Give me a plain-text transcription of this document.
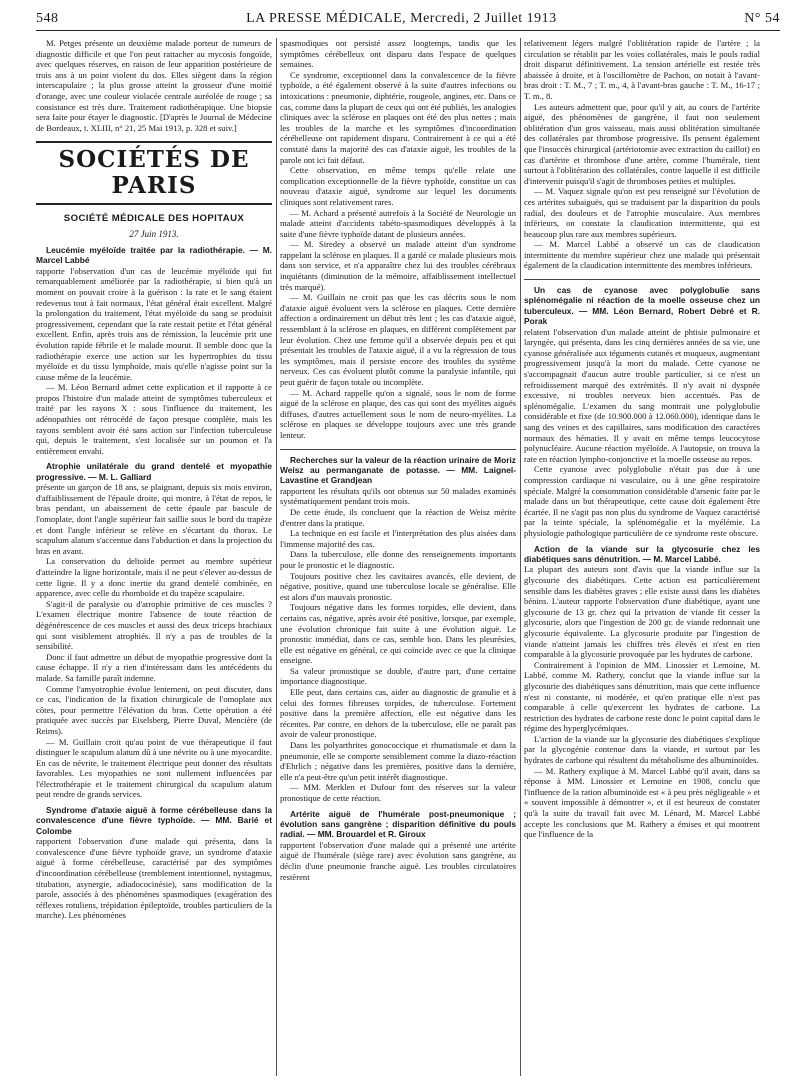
548	LA PRESSE MÉDICALE, Mercredi, 2 Juillet 1913	N° 54

M. Petges présente un deuxième malade porteur de tumeurs de diagnostic difficile et que l'on peut rattacher au mycosis fongoïde, avec quelques réserves, en raison de leur apparition postérieure de trois ans à un point violent du dos. Elles siègent dans la région interscapulaire ; la plus grosse atteint la grosseur d'une moitié d'orange, avec une couleur violacée centrale auréolée de rouge ; sa consistance est très dure. Traitement radiothérapique. Une biopsie sera faite pour étayer le diagnostic. [D'après le Journal de Médecine de Bordeaux, t. XLIII, n° 21, 25 Mai 1913, p. 328 et suiv.]

SOCIÉTÉS DE PARIS
SOCIÉTÉ MÉDICALE DES HOPITAUX
27 Juin 1913.
Leucémie myéloïde traitée par la radiothérapie. — M. Marcel Labbé

rapporte l'observation d'un cas de leucémie myéloïde qui fut remarquablement améliorée par la radiothérapie, si bien qu'à un moment on pouvait croire à la guérison : la rate et le sang étaient redevenus tout à fait normaux, l'état général était excellent. Malgré la prolongation du traitement, l'état myéloïde du sang se produisit progressivement, cependant que la rate restait petite et l'état général excellent. Enfin, après trois ans de rémission, la leucémie prit une évolution rapide fébrile et le malade mourut. Il semble donc que la radiothérapie exerce une action sur les hypertrophies du tissu myéloïde et du tissu lymphoïde, mais qu'elle n'agisse point sur la cause même de la leucémie.

— M. Léon Bernard admet cette explication et il rapporte à ce propos l'histoire d'un malade atteint de symptômes tuberculeux et traité par les rayons X : sous l'influence du traitement, les adénopathies ont rétrocédé de façon presque complète, mais les rayons semblent avoir été sans action sur l'infection tuberculeuse qui, depuis le traitement, s'est localisée sur un poumon et l'a entièrement envahi.

Atrophie unilatérale du grand dentelé et myopathie progressive. — M. L. Galliard

présente un garçon de 18 ans, se plaignant, depuis six mois environ, d'affaiblissement de l'épaule droite, qui montre, à l'état de repos, le bras pendant, un abaissement de cette épaule par bascule de l'omoplate, dont l'angle supérieur fait saillie sous le bord du trapèze et dont l'angle inférieur se relève en s'écartant du thorax. Le scapulum alatum s'accentue dans l'abduction et dans la projection du bras en avant.

La conservation du deltoïde permet au membre supérieur d'atteindre la ligne horizontale, mais il ne peut s'élever au-dessus de cette ligne. Il y a donc inertie du grand dentelé combinée, en apparence, avec celle du rhomboïde et du trapèze scapulaire.

S'agit-il de paralysie ou d'atrophie primitive de ces muscles ? L'examen électrique montre l'absence de toute réaction de dégénérescence de ces muscles et aussi des deux triceps brachiaux qui sont visiblement atrophiés. Il n'y a pas de troubles de la sensibilité.

Donc il faut admettre un début de myopathie progressive dont la cause échappe. Il n'y a rien d'intéressant dans les antécédents du malade. Sa famille paraît indemne.

Comme l'amyotrophie évolue lentement, on peut discuter, dans ce cas, l'indication de la fixation chirurgicale de l'omoplate aux côtes, pour permettre l'élévation du bras. Cette opération a été pratiquée avec succès par Eiselsberg, Pierre Duval, Mencière (de Reims).

— M. Guillain croit qu'au point de vue thérapeutique il faut distinguer le scapulum alatum dû à une névrite ou à une myocardite. En cas de névrite, le traitement électrique peut donner des résultats favorables. Les myopathies ne sont nullement influencées par l'électrothérapie et le traitement chirurgical du scapulum alatum peut rendre de grands services.

Syndrome d'ataxie aiguë à forme cérébelleuse dans la convalescence d'une fièvre typhoïde. — MM. Barié et Colombe

rapportent l'observation d'une malade qui présenta, dans la convalescence d'une fièvre typhoïde grave, un syndrome d'ataxie aiguë à forme cérébelleuse, caractérisé par des symptômes d'incoordination cérébelleuse (tremblement intentionnel, nystagmus, titubation, asynergie, adiadococinésie), sans modification de la parole, associés à des phénomènes spasmodiques (exagération des réflexes rotuliens, trépidation épileptoïde, troubles particuliers de la marche). Les phénomènes

spasmodiques ont persisté assez longtemps, tandis que les symptômes cérébelleux ont disparu dans l'espace de quelques semaines.

Ce syndrome, exceptionnel dans la convalescence de la fièvre typhoïde, a été également observé à la suite d'autres infections ou intoxications : pneumonie, diphtérie, rougeole, angines, etc. Dans ce cas, comme dans la plupart de ceux qui ont été publiés, les analogies cliniques avec la sclérose en plaques ont été des plus nettes ; mais les troubles de la marche et les symptômes d'incoordination cérébelleuse ont rapidement disparu. Contrairement à ce qui a été constaté dans la majorité des cas d'ataxie aiguë, les troubles de la parole ont ici fait défaut.

Cette observation, en même temps qu'elle relate une complication exceptionnelle de la fièvre typhoïde, constitue un cas nouveau d'ataxie aiguë, syndrome sur lequel les documents cliniques sont relativement rares.

— M. Achard a présenté autrefois à la Société de Neurologie un malade atteint d'accidents tabéto-spasmodiques développés à la suite d'une fièvre typhoïde datant de plusieurs années.

— M. Siredey a observé un malade atteint d'un syndrome rappelant la sclérose en plaques. Il a gardé ce malade plusieurs mois dans son service, et n'a apparaître chez lui des troubles cérébraux inquiétants (diminution de la mémoire, affaiblissement intellectuel très marqué).

— M. Guillain ne croit pas que les cas décrits sous le nom d'ataxie aiguë évoluent vers la sclérose en plaques. Cette dernière affection a ordinairement un début très lent ; les cas d'ataxie aiguë, ressemblant à la sclérose en plaques, en diffèrent complètement par leur évolution. Chez une femme qu'il a observée depuis peu et qui présentait les troubles de l'ataxie aiguë, il a vu la régression de tous les symptômes, mais il persiste encore des troubles du système nerveux. Ces cas évoluent plutôt comme la paralysie infantile, qui peut guérir de façon totale ou incomplète.

— M. Achard rappelle qu'on a signalé, sous le nom de forme aiguë de la sclérose en plaque, des cas qui sont des myélites aiguës diffuses, d'autres actuellement sous le nom de neuro-myélites. La sclérose en plaques se développe toujours avec une très grande lenteur.

Recherches sur la valeur de la réaction urinaire de Moriz Weisz au permanganate de potasse. — MM. Laignel-Lavastine et Grandjean

rapportent les résultats qu'ils ont obtenus sur 50 malades examinés systématiquement pendant trois mois.

De cette étude, ils concluent que la réaction de Weisz mérite d'entrer dans la pratique.

La technique en est facile et l'interprétation des plus aisées dans l'immense majorité des cas.

Dans la tuberculose, elle donne des renseignements importants pour le pronostic et le diagnostic.

Toujours positive chez les cavitaires avancés, elle devient, de négative, positive, quand une tuberculose locale se généralise. Elle est alors d'un mauvais pronostic.

Toujours négative dans les formes torpides, elle devient, dans certains cas, négative, après avoir été positive, lorsque, par exemple, une évolution chronique fait suite à une évolution aiguë. Le pronostic immédiat, dans ce cas, semble bon. Dans les pleurésies, elle est négative en général, ce qui coïncide avec ce que la clinique enseigne.

Sa valeur pronostique se double, d'autre part, d'une certaine importance diagnostique.

Elle peut, dans certains cas, aider au diagnostic de granulie et à celui des formes fibreuses torpides, de tuberculose. Fortement positive dans la première affection, elle est négative dans les récentes. Par contre, en dehors de la tuberculose, elle ne paraît pas avoir de valeur pronostique.

Dans les polyarthrites gonococcique et rhumatismale et dans la pneumonie, elle se comporte sensiblement comme la diazo-réaction d'Ehrlich ; négative dans les premières, positive dans la dernière, elle n'a peut-être qu'un petit intérêt diagnostique.

— MM. Merklen et Dufour font des réserves sur la valeur pronostique de cette réaction.

Artérite aiguë de l'humérale post-pneumonique ; évolution sans gangrène ; disparition définitive du pouls radial. — MM. Brouardel et R. Giroux

rapportent l'observation d'une malade qui a présenté une artérite aiguë de l'humérale (siège rare) avec évolution sans gangrène, au déclin d'une pneumonie franche aiguë. Les troubles circulatoires restèrent

relativement légers malgré l'oblitération rapide de l'artère ; la circulation se rétablit par les voies collatérales, mais le pouls radial droit disparut définitivement. La tension artérielle est restée très abaissée à droite, et à l'oscillomètre de Pachon, on notait à l'avant-bras droit : T. M., 7 ; T. m., 4, à l'avant-bras gauche : T. M., 16-17 ; T. m., 8.

Les auteurs admettent que, pour qu'il y ait, au cours de l'artérite aiguë, des phénomènes de gangrène, il faut non seulement oblitération d'un gros vaisseau, mais aussi oblitération simultanée des collatérales par thrombose progressive. Ils pensent également que l'insuccès chirurgical (artériotomie avec extraction du caillot) en cas d'artérite et thrombose d'une artère, comme l'humérale, tient surtout à l'oblitération des collatérales, contre laquelle il est difficile d'intervenir puisqu'il s'agit de thromboses petites et multiples.

— M. Vaquez signale qu'on est peu renseigné sur l'évolution de ces artérites subaiguës, qui se traduisent par la disparition du pouls radial, des douleurs et de l'atrophie musculaire. Aux membres inférieurs, on constate la claudication intermittente, qui est beaucoup plus rare aux membres supérieurs.

— M. Marcel Labbé a observé un cas de claudication intermittente du membre supérieur chez une malade qui présentait également de la claudication intermittente des membres inférieurs.

Un cas de cyanose avec polyglobulie sans splénomégalie ni réaction de la moelle osseuse chez un tuberculeux. — MM. Léon Bernard, Robert Debré et R. Porak

relatent l'observation d'un malade atteint de phtisie pulmonaire et laryngée, qui présenta, dans les cinq dernières années de sa vie, une cyanose généralisée aux téguments cutanés et muqueux, augmentant progressivement jusqu'à la mort du malade. Cette cyanose ne s'accompagnait d'aucun autre trouble particulier, si ce n'est un refroidissement marqué des extrémités. Il n'y avait ni dyspnée excessive, ni troubles nerveux bien accentués. Pas de splénomégalie. L'examen du sang montrait une polyglobulie considérable et fixe (de 10.900.000 à 12.060.000), identique dans le sang des veines et des capillaires, sans modification des caractères normaux des hématies. Il y avait en même temps leucocytose polynucléaire. Aucune réaction myéloïde. A l'autopsie, on trouva la rate en réaction lympho-conjonctive et la moelle osseuse au repos.

Cette cyanose avec polyglobulie n'était pas due à une compression cardiaque ni vasculaire, ou à une gêne respiratoire spéciale. Malgré la consommation considérable d'arsenic faite par le malade dans un but thérapeutique, cette cause doit également être écartée. Il ne s'agit pas non plus du syndrome de Vaquez caractérisé par la teinte spéciale, la splénomégalie et la myélémie. La physiologie pathologique particulière de ce syndrome reste obscure.

Action de la viande sur la glycosurie chez les diabétiques sans dénutrition. — M. Marcel Labbé.

La plupart des auteurs sont d'avis que la viande influe sur la glycosurie des diabétiques. Cette action est particulièrement sensible dans les diabètes graves ; elle existe aussi dans les diabètes bénins. L'auteur rapporte l'observation d'une diabétique, ayant une glycosurie de 13 gr. chez qui la privation de viande fit cesser la glycosurie, alors que l'ingestion de 200 gr. de viande redonnait une glycosurie équivalente. La glycosurie produite par l'ingestion de viande n'atteint jamais les chiffres très élevés et n'est en rien comparable à la glycosurie provoquée par les hydrates de carbone.

Contrairement à l'opinion de MM. Linossier et Lemoine, M. Labbé, comme M. Rathery, conclut que la viande influe sur la glycosurie des diabétiques sans dénutrition, mais que cette influence n'est ni constante, ni modérée, et qu'en pratique elle n'est pas comparable à celle qu'exercent les hydrates de carbone. La restriction des hydrates de carbone reste donc le point capital dans le régime des hyperglycémiques.

L'action de la viande sur la glycosurie des diabétiques s'explique par la glycogénie contenue dans la viande, et surtout par les hydrates de carbone qui résultent du métabolisme des albuminoïdes.

— M. Rathery explique à M. Marcel Labbé qu'il avait, dans sa réponse à MM. Linossier et Lemoine en 1908, conclu que l'influence de la ration albuminoïde est « à peu près négligeable » et « souvent impossible à démontrer », et il est heureux de constater qu'à la suite du travail fait avec M. Lénard, M. Marcel Labbé accepte les conclusions que M. Rathery a émises et qui montrent que l'influence de la
